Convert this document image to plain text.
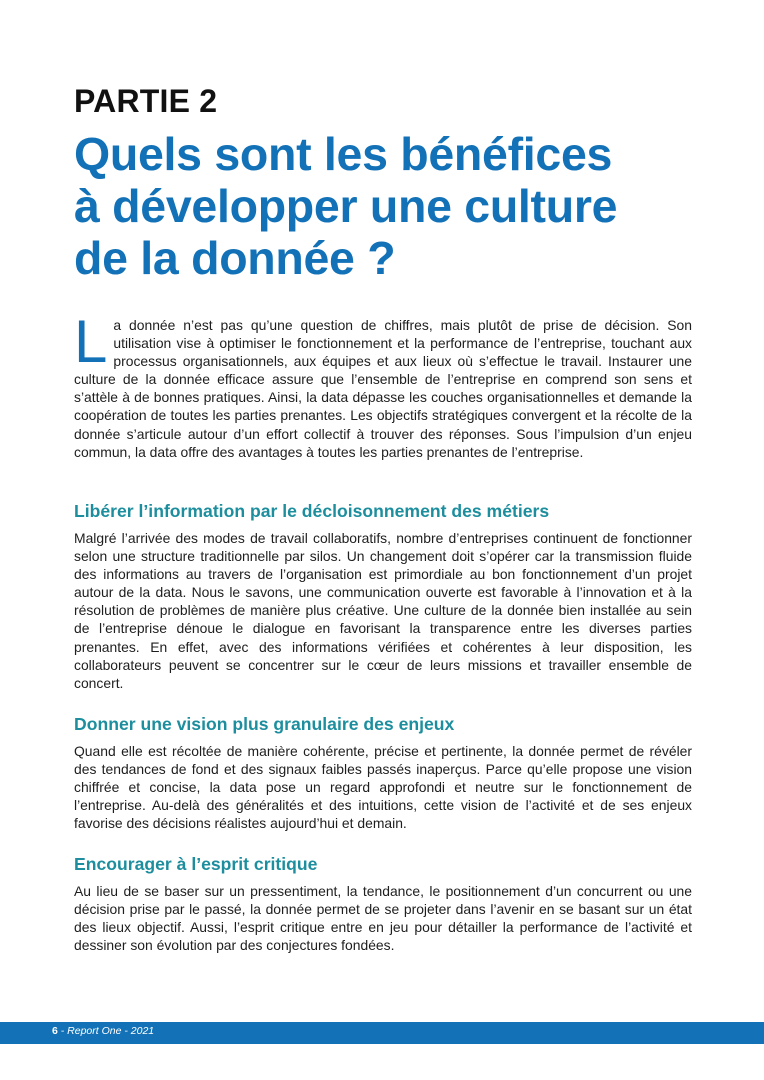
PARTIE 2
Quels sont les bénéfices
à développer une culture
de la donnée ?
L a donnée n’est pas qu’une question de chiffres, mais plutôt de prise de décision. Son utilisation vise à optimiser le fonctionnement et la performance de l’entreprise, touchant aux processus organisationnels, aux équipes et aux lieux où s’effectue le travail. Instaurer une culture de la donnée efficace assure que l’ensemble de l’entreprise en comprend son sens et s’attèle à de bonnes pratiques. Ainsi, la data dépasse les couches organisationnelles et demande la coopération de toutes les parties prenantes. Les objectifs stratégiques convergent et la récolte de la donnée s’articule autour d’un effort collectif à trouver des réponses. Sous l’impulsion d’un enjeu commun, la data offre des avantages à toutes les parties prenantes de l’entreprise.
Libérer l’information par le décloisonnement des métiers
Malgré l’arrivée des modes de travail collaboratifs, nombre d’entreprises continuent de fonctionner selon une structure traditionnelle par silos. Un changement doit s’opérer car la transmission fluide des informations au travers de l’organisation est primordiale au bon fonctionnement d’un projet autour de la data. Nous le savons, une communication ouverte est favorable à l’innovation et à la résolution de problèmes de manière plus créative. Une culture de la donnée bien installée au sein de l’entreprise dénoue le dialogue en favorisant la transparence entre les diverses parties prenantes. En effet, avec des informations vérifiées et cohérentes à leur disposition, les collaborateurs peuvent se concentrer sur le cœur de leurs missions et travailler ensemble de concert.
Donner une vision plus granulaire des enjeux
Quand elle est récoltée de manière cohérente, précise et pertinente, la donnée permet de révéler des tendances de fond et des signaux faibles passés inaperçus. Parce qu’elle propose une vision chiffrée et concise, la data pose un regard approfondi et neutre sur le fonctionnement de l’entreprise. Au-delà des généralités et des intuitions, cette vision de l’activité et de ses enjeux favorise des décisions réalistes aujourd’hui et demain.
Encourager à l’esprit critique
Au lieu de se baser sur un pressentiment, la tendance, le positionnement d’un concurrent ou une décision prise par le passé, la donnée permet de se projeter dans l’avenir en se basant sur un état des lieux objectif. Aussi, l’esprit critique entre en jeu pour détailler la performance de l’activité et dessiner son évolution par des conjectures fondées.
6 - Report One - 2021
